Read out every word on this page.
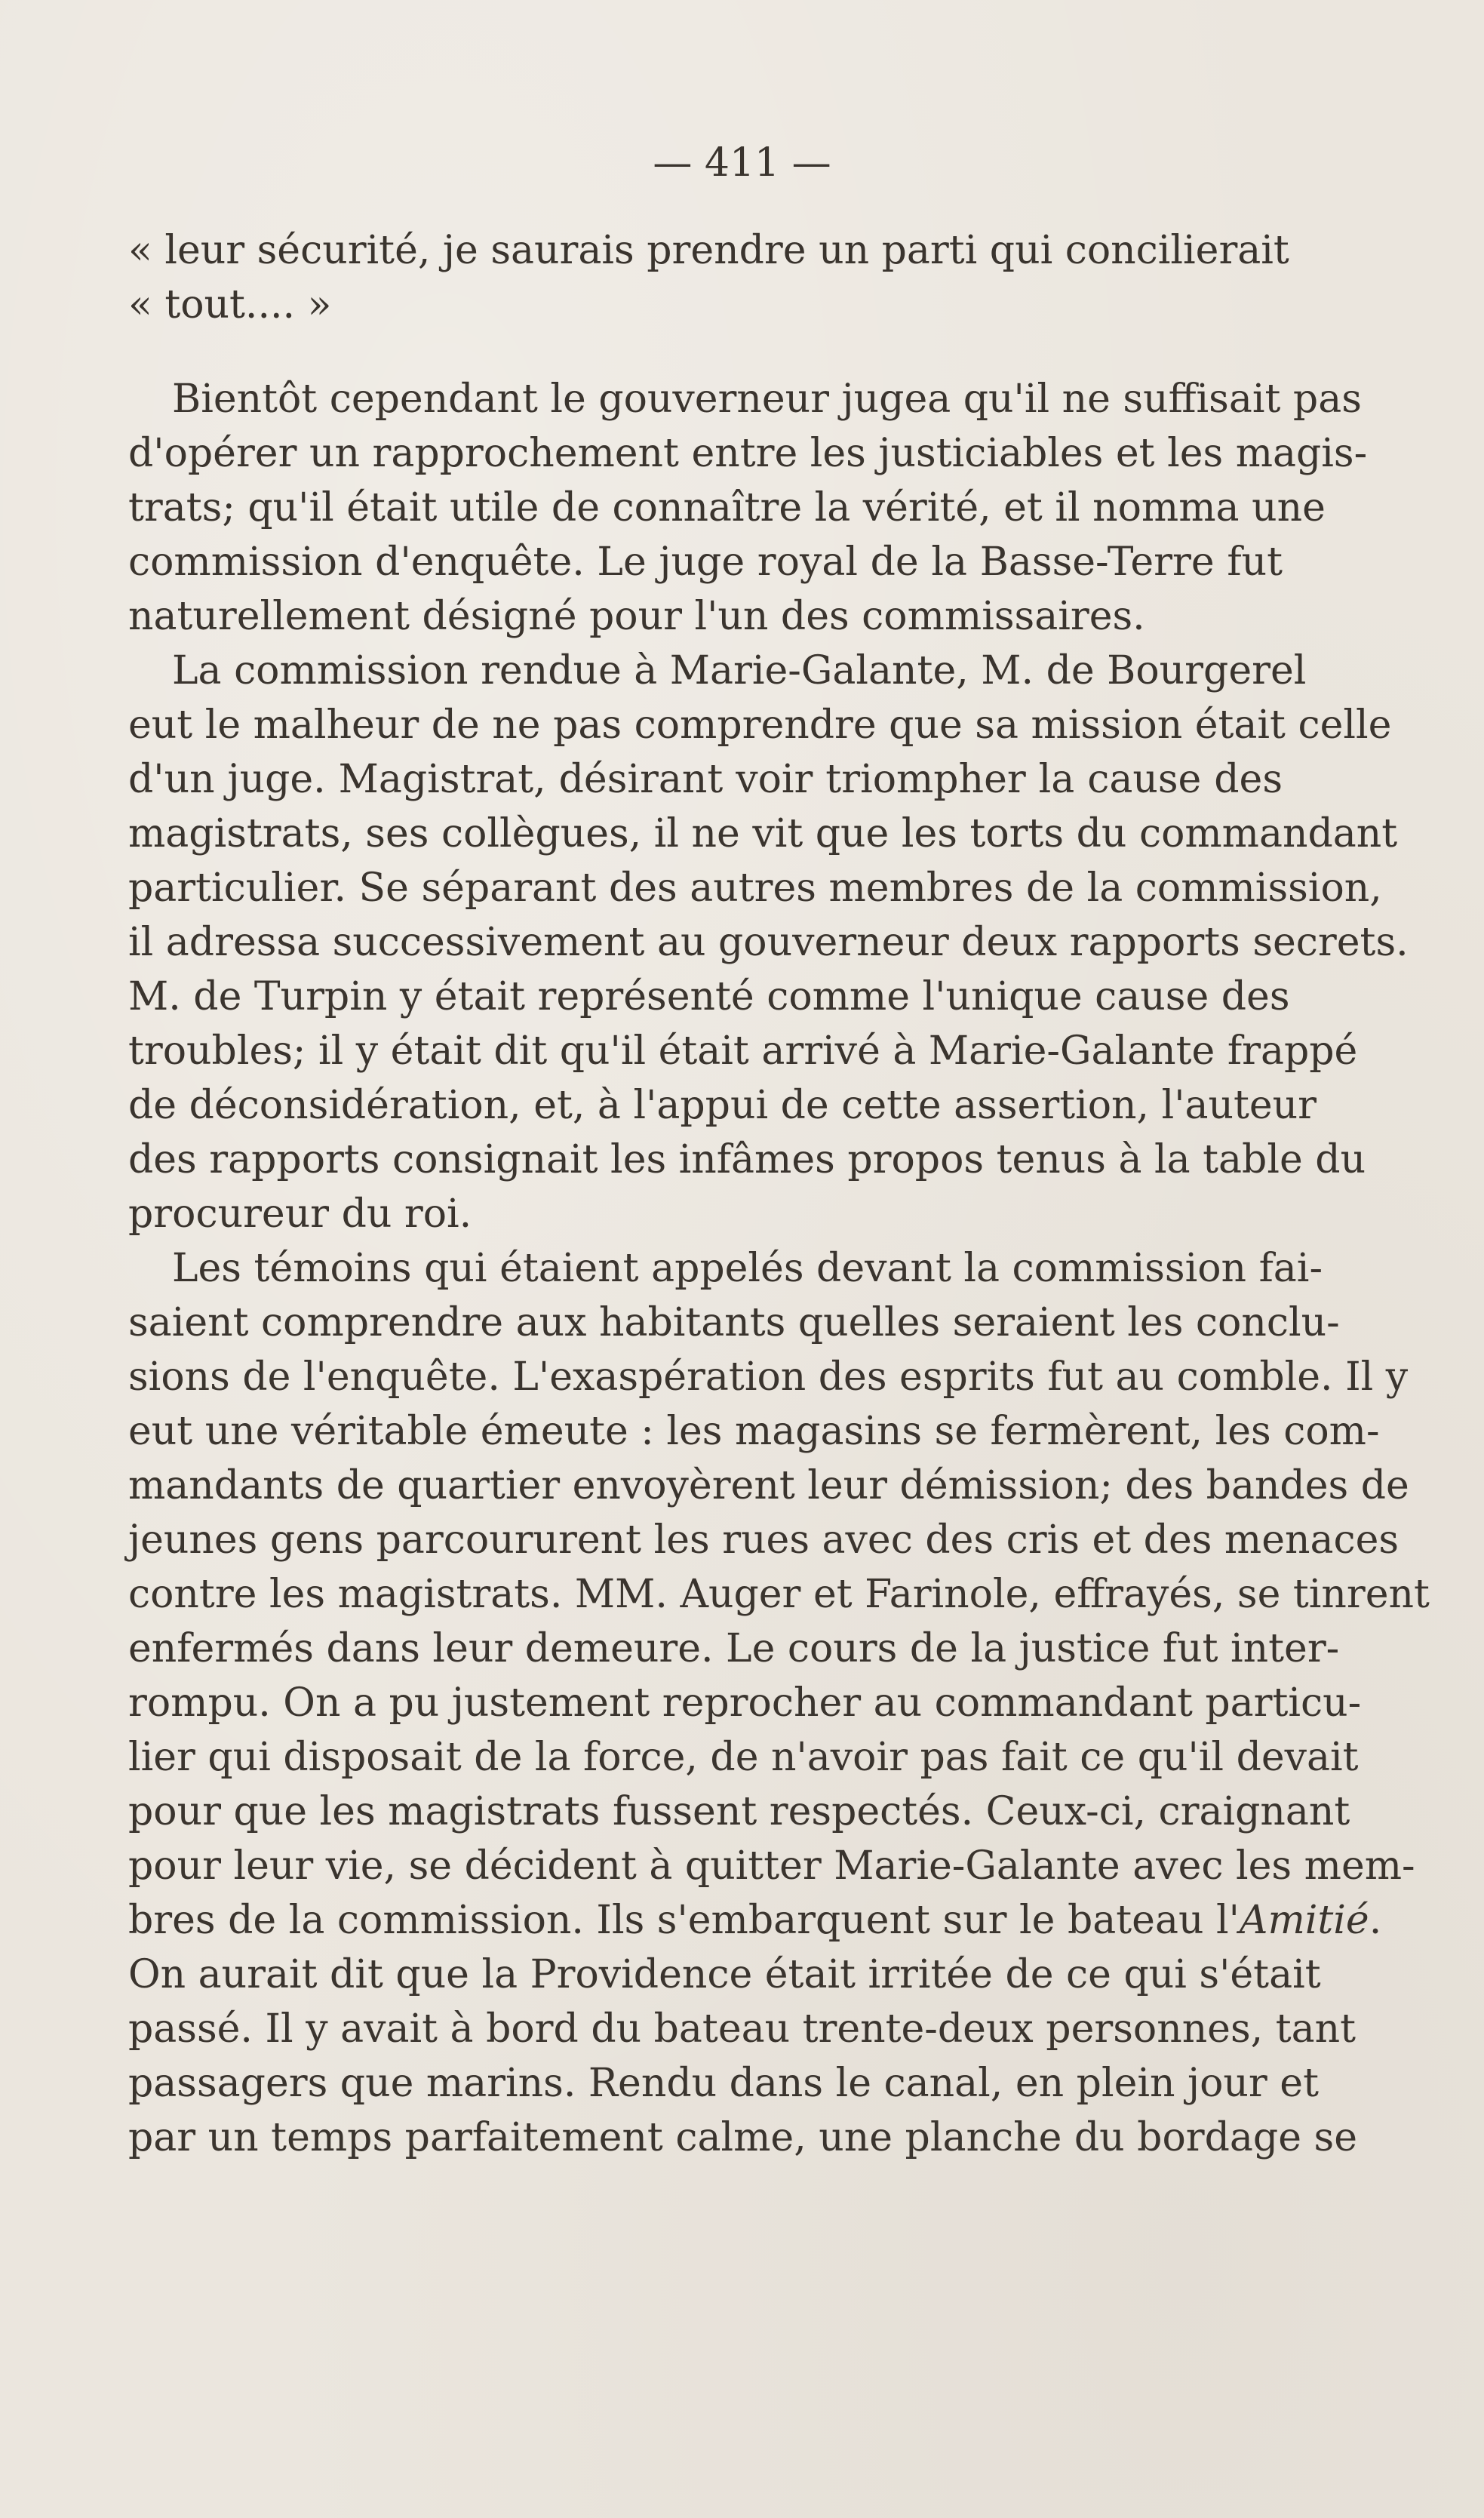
— 411 —
« leur sécurité, je saurais prendre un parti qui concilierait
« tout.... »
Bientôt cependant le gouverneur jugea qu'il ne suffisait pas
d'opérer un rapprochement entre les justiciables et les magis-
trats; qu'il était utile de connaître la vérité, et il nomma une
commission d'enquête. Le juge royal de la Basse-Terre fut
naturellement désigné pour l'un des commissaires.
La commission rendue à Marie-Galante, M. de Bourgerel
eut le malheur de ne pas comprendre que sa mission était celle
d'un juge. Magistrat, désirant voir triompher la cause des
magistrats, ses collègues, il ne vit que les torts du commandant
particulier. Se séparant des autres membres de la commission,
il adressa successivement au gouverneur deux rapports secrets.
M. de Turpin y était représenté comme l'unique cause des
troubles; il y était dit qu'il était arrivé à Marie-Galante frappé
de déconsidération, et, à l'appui de cette assertion, l'auteur
des rapports consignait les infâmes propos tenus à la table du
procureur du roi.
Les témoins qui étaient appelés devant la commission fai-
saient comprendre aux habitants quelles seraient les conclu-
sions de l'enquête. L'exaspération des esprits fut au comble. Il y
eut une véritable émeute : les magasins se fermèrent, les com-
mandants de quartier envoyèrent leur démission; des bandes de
jeunes gens parcoururent les rues avec des cris et des menaces
contre les magistrats. MM. Auger et Farinole, effrayés, se tinrent
enfermés dans leur demeure. Le cours de la justice fut inter-
rompu. On a pu justement reprocher au commandant particu-
lier qui disposait de la force, de n'avoir pas fait ce qu'il devait
pour que les magistrats fussent respectés. Ceux-ci, craignant
pour leur vie, se décident à quitter Marie-Galante avec les mem-
bres de la commission. Ils s'embarquent sur le bateau l'Amitié.
On aurait dit que la Providence était irritée de ce qui s'était
passé. Il y avait à bord du bateau trente-deux personnes, tant
passagers que marins. Rendu dans le canal, en plein jour et
par un temps parfaitement calme, une planche du bordage se
